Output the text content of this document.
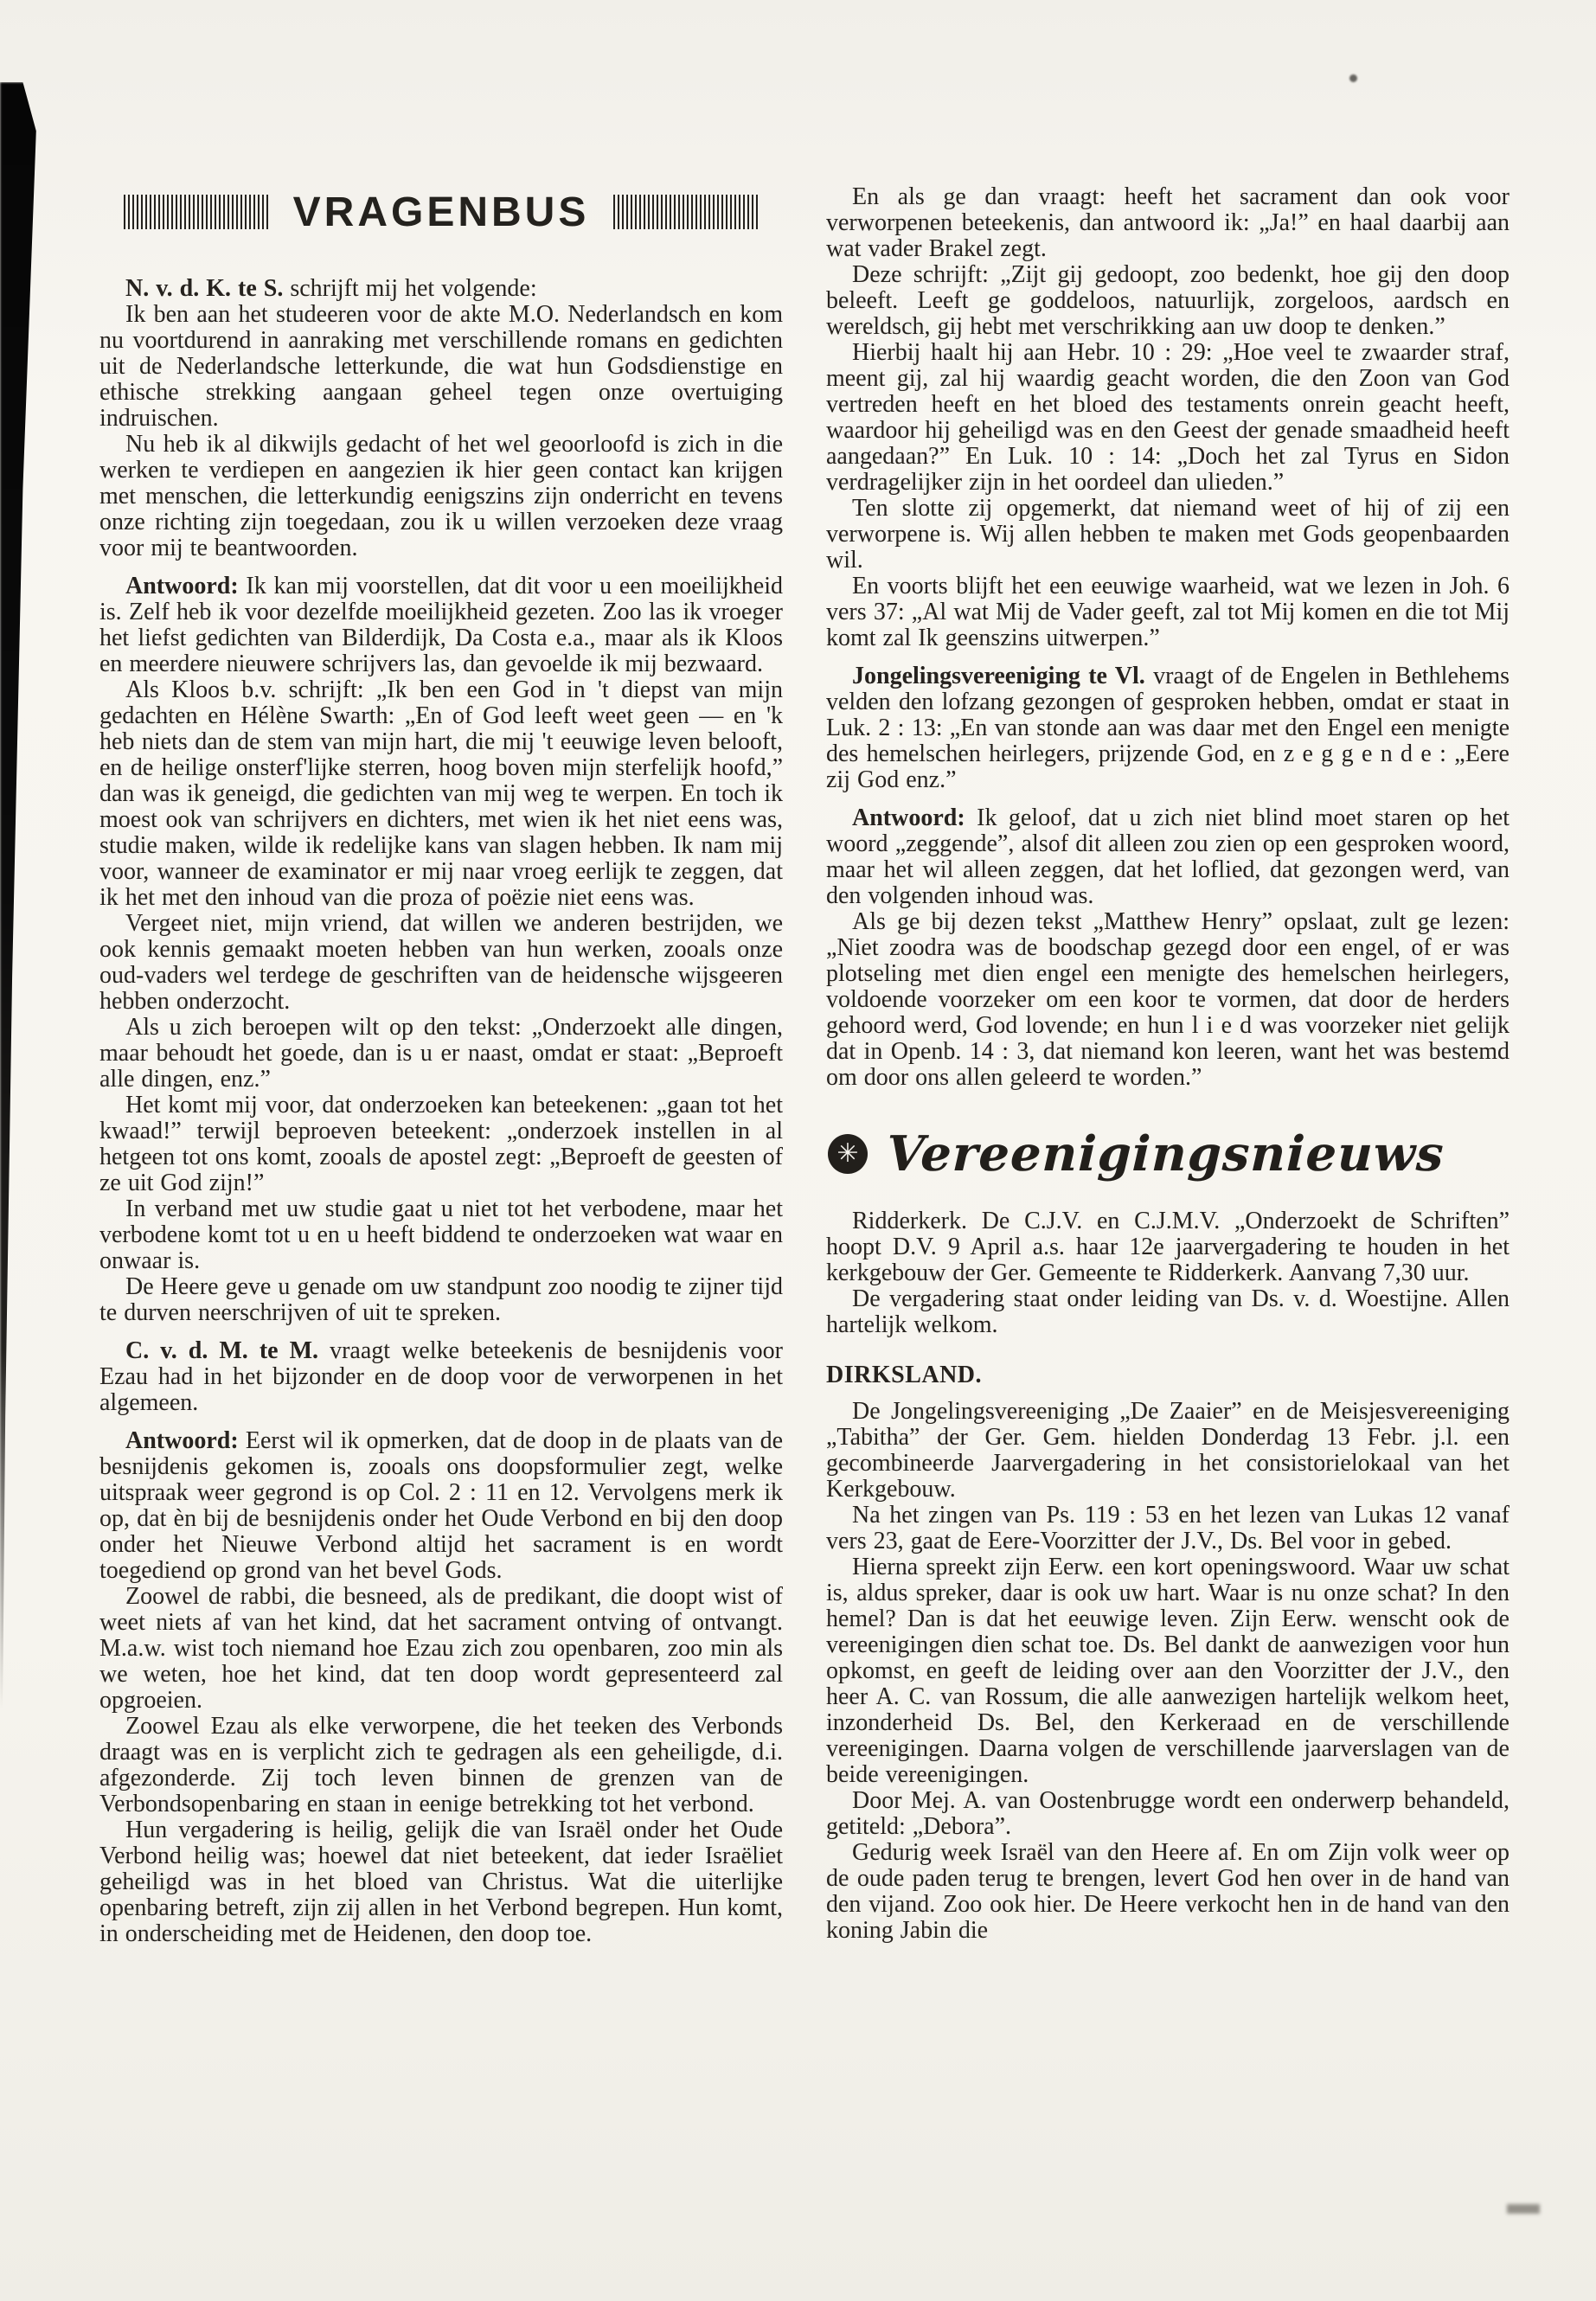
VRAGENBUS

N. v. d. K. te S. schrijft mij het volgende:

Ik ben aan het studeeren voor de akte M.O. Nederlandsch en kom nu voortdurend in aanraking met verschillende romans en gedichten uit de Nederlandsche letterkunde, die wat hun Godsdienstige en ethische strekking aangaan geheel tegen onze overtuiging indruischen.

Nu heb ik al dikwijls gedacht of het wel geoorloofd is zich in die werken te verdiepen en aangezien ik hier geen contact kan krijgen met menschen, die letterkundig eenigszins zijn onderricht en tevens onze richting zijn toegedaan, zou ik u willen verzoeken deze vraag voor mij te beantwoorden.

Antwoord: Ik kan mij voorstellen, dat dit voor u een moeilijkheid is. Zelf heb ik voor dezelfde moeilijkheid gezeten. Zoo las ik vroeger het liefst gedichten van Bilderdijk, Da Costa e.a., maar als ik Kloos en meerdere nieuwere schrijvers las, dan gevoelde ik mij bezwaard.

Als Kloos b.v. schrijft: „Ik ben een God in 't diepst van mijn gedachten en Hélène Swarth: „En of God leeft weet geen — en 'k heb niets dan de stem van mijn hart, die mij 't eeuwige leven belooft, en de heilige onsterf'lijke sterren, hoog boven mijn sterfelijk hoofd,” dan was ik geneigd, die gedichten van mij weg te werpen. En toch ik moest ook van schrijvers en dichters, met wien ik het niet eens was, studie maken, wilde ik redelijke kans van slagen hebben. Ik nam mij voor, wanneer de examinator er mij naar vroeg eerlijk te zeggen, dat ik het met den inhoud van die proza of poëzie niet eens was.

Vergeet niet, mijn vriend, dat willen we anderen bestrijden, we ook kennis gemaakt moeten hebben van hun werken, zooals onze oud-vaders wel terdege de geschriften van de heidensche wijsgeeren hebben onderzocht.

Als u zich beroepen wilt op den tekst: „Onderzoekt alle dingen, maar behoudt het goede, dan is u er naast, omdat er staat: „Beproeft alle dingen, enz.”

Het komt mij voor, dat onderzoeken kan beteekenen: „gaan tot het kwaad!” terwijl beproeven beteekent: „onderzoek instellen in al hetgeen tot ons komt, zooals de apostel zegt: „Beproeft de geesten of ze uit God zijn!”

In verband met uw studie gaat u niet tot het verbodene, maar het verbodene komt tot u en u heeft biddend te onderzoeken wat waar en onwaar is.

De Heere geve u genade om uw standpunt zoo noodig te zijner tijd te durven neerschrijven of uit te spreken.

C. v. d. M. te M. vraagt welke beteekenis de besnijdenis voor Ezau had in het bijzonder en de doop voor de verworpenen in het algemeen.

Antwoord: Eerst wil ik opmerken, dat de doop in de plaats van de besnijdenis gekomen is, zooals ons doopsformulier zegt, welke uitspraak weer gegrond is op Col. 2 : 11 en 12. Vervolgens merk ik op, dat èn bij de besnijdenis onder het Oude Verbond en bij den doop onder het Nieuwe Verbond altijd het sacrament is en wordt toegediend op grond van het bevel Gods.

Zoowel de rabbi, die besneed, als de predikant, die doopt wist of weet niets af van het kind, dat het sacrament ontving of ontvangt. M.a.w. wist toch niemand hoe Ezau zich zou openbaren, zoo min als we weten, hoe het kind, dat ten doop wordt gepresenteerd zal opgroeien.

Zoowel Ezau als elke verworpene, die het teeken des Verbonds draagt was en is verplicht zich te gedragen als een geheiligde, d.i. afgezonderde. Zij toch leven binnen de grenzen van de Verbondsopenbaring en staan in eenige betrekking tot het verbond.

Hun vergadering is heilig, gelijk die van Israël onder het Oude Verbond heilig was; hoewel dat niet beteekent, dat ieder Israëliet geheiligd was in het bloed van Christus. Wat die uiterlijke openbaring betreft, zijn zij allen in het Verbond begrepen. Hun komt, in onderscheiding met de Heidenen, den doop toe.

En als ge dan vraagt: heeft het sacrament dan ook voor verworpenen beteekenis, dan antwoord ik: „Ja!” en haal daarbij aan wat vader Brakel zegt.

Deze schrijft: „Zijt gij gedoopt, zoo bedenkt, hoe gij den doop beleeft. Leeft ge goddeloos, natuurlijk, zorgeloos, aardsch en wereldsch, gij hebt met verschrikking aan uw doop te denken.”

Hierbij haalt hij aan Hebr. 10 : 29: „Hoe veel te zwaarder straf, meent gij, zal hij waardig geacht worden, die den Zoon van God vertreden heeft en het bloed des testaments onrein geacht heeft, waardoor hij geheiligd was en den Geest der genade smaadheid heeft aangedaan?” En Luk. 10 : 14: „Doch het zal Tyrus en Sidon verdragelijker zijn in het oordeel dan ulieden.”

Ten slotte zij opgemerkt, dat niemand weet of hij of zij een verworpene is. Wij allen hebben te maken met Gods geopenbaarden wil.

En voorts blijft het een eeuwige waarheid, wat we lezen in Joh. 6 vers 37: „Al wat Mij de Vader geeft, zal tot Mij komen en die tot Mij komt zal Ik geenszins uitwerpen.”

Jongelingsvereeniging te Vl. vraagt of de Engelen in Bethlehems velden den lofzang gezongen of gesproken hebben, omdat er staat in Luk. 2 : 13: „En van stonde aan was daar met den Engel een menigte des hemelschen heirlegers, prijzende God, en z e g g e n d e : „Eere zij God enz.”

Antwoord: Ik geloof, dat u zich niet blind moet staren op het woord „zeggende”, alsof dit alleen zou zien op een gesproken woord, maar het wil alleen zeggen, dat het loflied, dat gezongen werd, van den volgenden inhoud was.

Als ge bij dezen tekst „Matthew Henry” opslaat, zult ge lezen: „Niet zoodra was de boodschap gezegd door een engel, of er was plotseling met dien engel een menigte des hemelschen heirlegers, voldoende voorzeker om een koor te vormen, dat door de herders gehoord werd, God lovende; en hun l i e d was voorzeker niet gelijk dat in Openb. 14 : 3, dat niemand kon leeren, want het was bestemd om door ons allen geleerd te worden.”

✳ Vereenigingsnieuws

Ridderkerk. De C.J.V. en C.J.M.V. „Onderzoekt de Schriften” hoopt D.V. 9 April a.s. haar 12e jaarvergadering te houden in het kerkgebouw der Ger. Gemeente te Ridderkerk. Aanvang 7,30 uur.

De vergadering staat onder leiding van Ds. v. d. Woestijne. Allen hartelijk welkom.

DIRKSLAND.

De Jongelingsvereeniging „De Zaaier” en de Meisjesvereeniging „Tabitha” der Ger. Gem. hielden Donderdag 13 Febr. j.l. een gecombineerde Jaarvergadering in het consistorielokaal van het Kerkgebouw.

Na het zingen van Ps. 119 : 53 en het lezen van Lukas 12 vanaf vers 23, gaat de Eere-Voorzitter der J.V., Ds. Bel voor in gebed.

Hierna spreekt zijn Eerw. een kort openingswoord. Waar uw schat is, aldus spreker, daar is ook uw hart. Waar is nu onze schat? In den hemel? Dan is dat het eeuwige leven. Zijn Eerw. wenscht ook de vereenigingen dien schat toe. Ds. Bel dankt de aanwezigen voor hun opkomst, en geeft de leiding over aan den Voorzitter der J.V., den heer A. C. van Rossum, die alle aanwezigen hartelijk welkom heet, inzonderheid Ds. Bel, den Kerkeraad en de verschillende vereenigingen. Daarna volgen de verschillende jaarverslagen van de beide vereenigingen.

Door Mej. A. van Oostenbrugge wordt een onderwerp behandeld, getiteld: „Debora”.

Gedurig week Israël van den Heere af. En om Zijn volk weer op de oude paden terug te brengen, levert God hen over in de hand van den vijand. Zoo ook hier. De Heere verkocht hen in de hand van den koning Jabin die
